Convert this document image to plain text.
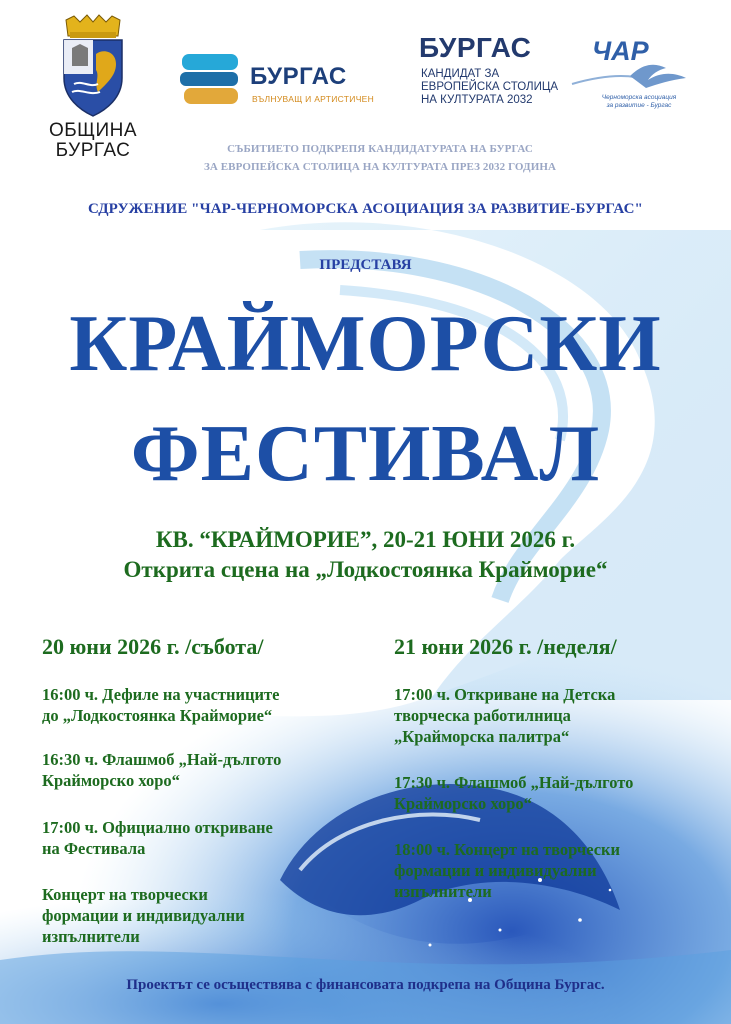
ОБЩИНА
БУРГАС
БУРГАС
ВЪЛНУВАЩ И АРТИСТИЧЕН
БУРГАС
КАНДИДАТ ЗА
ЕВРОПЕЙСКА СТОЛИЦА
НА КУЛТУРАТА 2032
ЧАР
Черноморска асоциация
за развитие - Бургас
СЪБИТИЕТО ПОДКРЕПЯ КАНДИДАТУРАТА НА БУРГАС
ЗА ЕВРОПЕЙСКА СТОЛИЦА НА КУЛТУРАТА ПРЕЗ 2032 ГОДИНА
СДРУЖЕНИЕ "ЧАР-ЧЕРНОМОРСКА АСОЦИАЦИЯ ЗА РАЗВИТИЕ-БУРГАС"
ПРЕДСТАВЯ
КРАЙМОРСКИ
ФЕСТИВАЛ
КВ. “КРАЙМОРИЕ”, 20-21 ЮНИ 2026 г.
Открита сцена на „Лодкостоянка Крайморие“
20 юни 2026 г. /събота/
16:00 ч. Дефиле на участниците
до „Лодкостоянка Крайморие“
16:30 ч. Флашмоб „Най-дългото
Крайморско хоро“
17:00 ч. Официално откриване
на Фестивала
Концерт на творчески
формации и индивидуални
изпълнители
21 юни 2026 г. /неделя/
17:00 ч. Откриване на Детска
творческа работилница
„Крайморска палитра“
17:30 ч. Флашмоб „Най-дългото
Крайморско хоро“
18:00 ч. Концерт на творчески
формации и индивидуални
изпълнители
Проектът се осъществява с финансовата подкрепа на Община Бургас.
